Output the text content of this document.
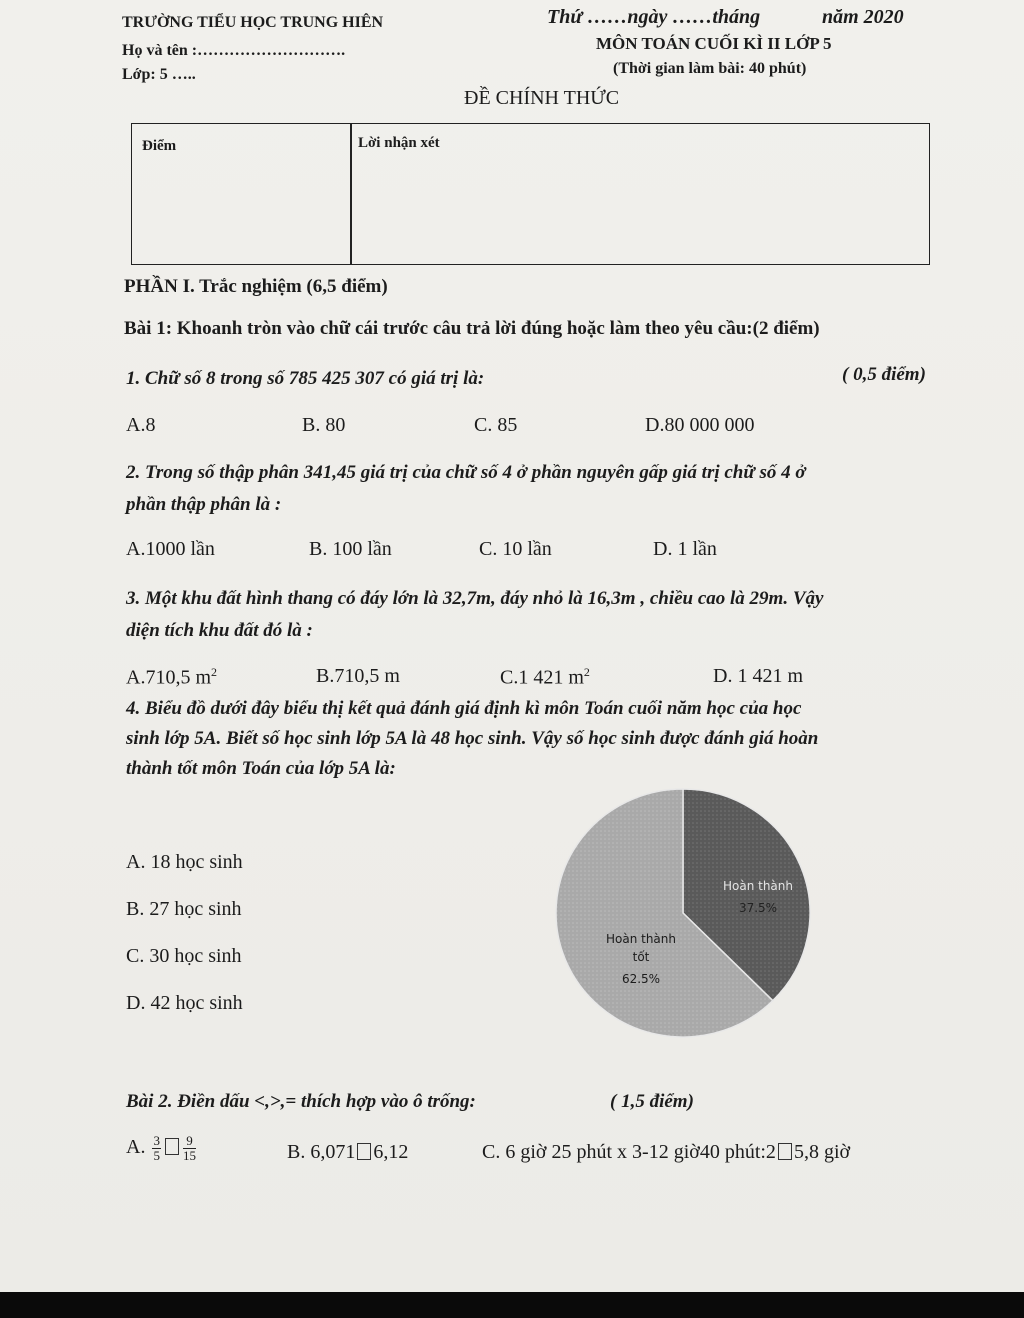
TRƯỜNG TIỂU HỌC TRUNG HIÊN	Thứ ……ngày ……tháng	năm 2020
Họ và tên :……………………….	MÔN TOÁN CUỐI KÌ II LỚP 5
Lớp: 5 …..	(Thời gian làm bài: 40 phút)
ĐỀ CHÍNH THỨC
Điểm	Lời nhận xét
PHẦN I. Trắc nghiệm (6,5 điểm)
Bài 1: Khoanh tròn vào chữ cái trước câu trả lời đúng hoặc làm theo yêu cầu:(2 điểm)
1. Chữ số 8 trong số 785 425 307 có giá trị là:	( 0,5 điểm)
A.8	B. 80	C. 85	D.80 000 000
2. Trong số thập phân 341,45 giá trị của chữ số 4 ở phần nguyên gấp giá trị chữ số 4 ở
phần thập phân là :
A.1000 lần	B. 100 lần	C. 10 lần	D. 1 lần
3. Một khu đất hình thang có đáy lớn là 32,7m, đáy nhỏ là 16,3m , chiều cao là 29m. Vậy
diện tích khu đất đó là :
A.710,5 $m^2$	B.710,5 m	C.1 421 $m^2$	D. 1 421 m
4. Biểu đồ dưới đây biểu thị kết quả đánh giá định kì môn Toán cuối năm học của học
sinh lớp 5A. Biết số học sinh lớp 5A là 48 học sinh. Vậy số học sinh được đánh giá hoàn
thành tốt môn Toán của lớp 5A là:
A. 18 học sinh
B. 27 học sinh
C. 30 học sinh
D. 42 học sinh
Hoàn thành
37.5%
Hoàn thành
tốt
62.5%
Bài 2. Điền dấu <,>,= thích hợp vào ô trống:	( 1,5 điểm)
A. $\frac{3}{5} \frac{9}{15}$	B. 6,071 6,12	C. 6 giờ 25 phút x 3-12 giờ40 phút:2 5,8 giờ
